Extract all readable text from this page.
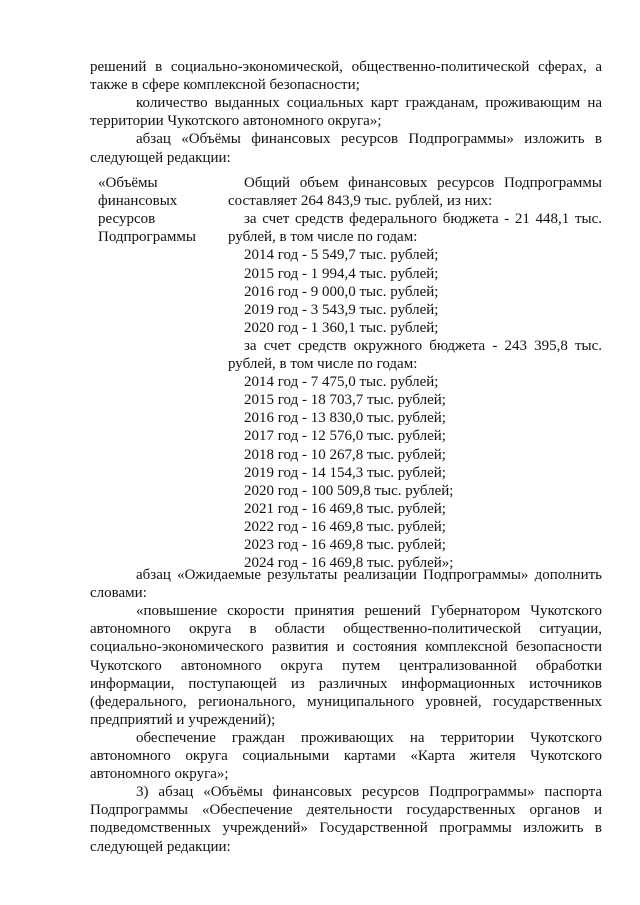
решений в социально-экономической, общественно-политической сферах, а
также в сфере комплексной безопасности;
количество выданных социальных карт гражданам, проживающим на
территории Чукотского автономного округа»;
абзац «Объёмы финансовых ресурсов Подпрограммы» изложить в
следующей редакции:
«Объёмы
финансовых
ресурсов
Подпрограммы
Общий объем финансовых ресурсов Подпрограммы
составляет 264 843,9 тыс. рублей, из них:
за счет средств федерального бюджета - 21 448,1 тыс.
рублей, в том числе по годам:
2014 год - 5 549,7 тыс. рублей;
2015 год - 1 994,4 тыс. рублей;
2016 год - 9 000,0 тыс. рублей;
2019 год - 3 543,9 тыс. рублей;
2020 год - 1 360,1 тыс. рублей;
за счет средств окружного бюджета - 243 395,8 тыс.
рублей, в том числе по годам:
2014 год - 7 475,0 тыс. рублей;
2015 год - 18 703,7 тыс. рублей;
2016 год - 13 830,0 тыс. рублей;
2017 год - 12 576,0 тыс. рублей;
2018 год - 10 267,8 тыс. рублей;
2019 год - 14 154,3 тыс. рублей;
2020 год - 100 509,8 тыс. рублей;
2021 год - 16 469,8 тыс. рублей;
2022 год - 16 469,8 тыс. рублей;
2023 год - 16 469,8 тыс. рублей;
2024 год - 16 469,8 тыс. рублей»;
абзац «Ожидаемые результаты реализации Подпрограммы» дополнить
словами:
«повышение скорости принятия решений Губернатором Чукотского
автономного округа в области общественно-политической ситуации,
социально-экономического развития и состояния комплексной безопасности
Чукотского автономного округа путем централизованной обработки
информации, поступающей из различных информационных источников
(федерального, регионального, муниципального уровней, государственных
предприятий и учреждений);
обеспечение граждан проживающих на территории Чукотского
автономного округа социальными картами «Карта жителя Чукотского
автономного округа»;
3) абзац «Объёмы финансовых ресурсов Подпрограммы» паспорта
Подпрограммы «Обеспечение деятельности государственных органов и
подведомственных учреждений» Государственной программы изложить в
следующей редакции:
